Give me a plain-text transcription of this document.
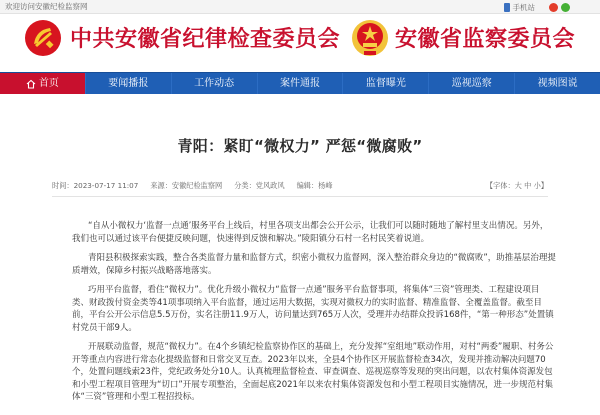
欢迎访问安徽纪检监察网	手机站
中共安徽省纪律检查委员会 安徽省监察委员会
首页	要闻播报	工作动态	案件通报	监督曝光	巡视巡察	视频图说
青阳：紧盯“微权力” 严惩“微腐败”
时间：2023-07-17 11:07 来源：安徽纪检监察网 分类：党风政风 编辑：杨峰	【字体：大 中 小】

“自从小微权力‘监督一点通’服务平台上线后，村里各项支出都会公开公示，让我们可以随时随地了解村里支出情况。另外，我们也可以通过该平台便捷反映问题，快速得到反馈和解决。”陵阳镇分石村一名村民笑着说道。

青阳县积极探索实践，整合各类监督力量和监督方式，织密小微权力监督网，深入整治群众身边的“微腐败”，助推基层治理提质增效，保障乡村振兴战略落地落实。

巧用平台监督，看住“微权力”。优化升级小微权力“监督一点通”服务平台监督事项，将集体“三资”管理类、工程建设项目类、财政拨付资金类等41项事项纳入平台监督，通过运用大数据，实现对微权力的实时监督、精准监督、全覆盖监督。截至目前，平台公开公示信息5.5万份，实名注册11.9万人，访问量达到765万人次，受理并办结群众投诉168件，“第一种形态”处置镇村党员干部9人。

开展联动监督，规范“微权力”。在4个乡镇纪检监察协作区的基础上，充分发挥“室组地”联动作用，对村“两委”履职、村务公开等重点内容进行常态化提级监督和日常交叉互查。2023年以来，全县4个协作区开展监督检查34次，发现并推动解决问题70个，处置问题线索23件，党纪政务处分10人。认真梳理监督检查、审查调查、巡视巡察等发现的突出问题，以农村集体资源发包和小型工程项目管理为“切口”开展专项整治，全面起底2021年以来农村集体资源发包和小型工程项目实施情况，进一步规范村集体“三资”管理和小型工程招投标。
